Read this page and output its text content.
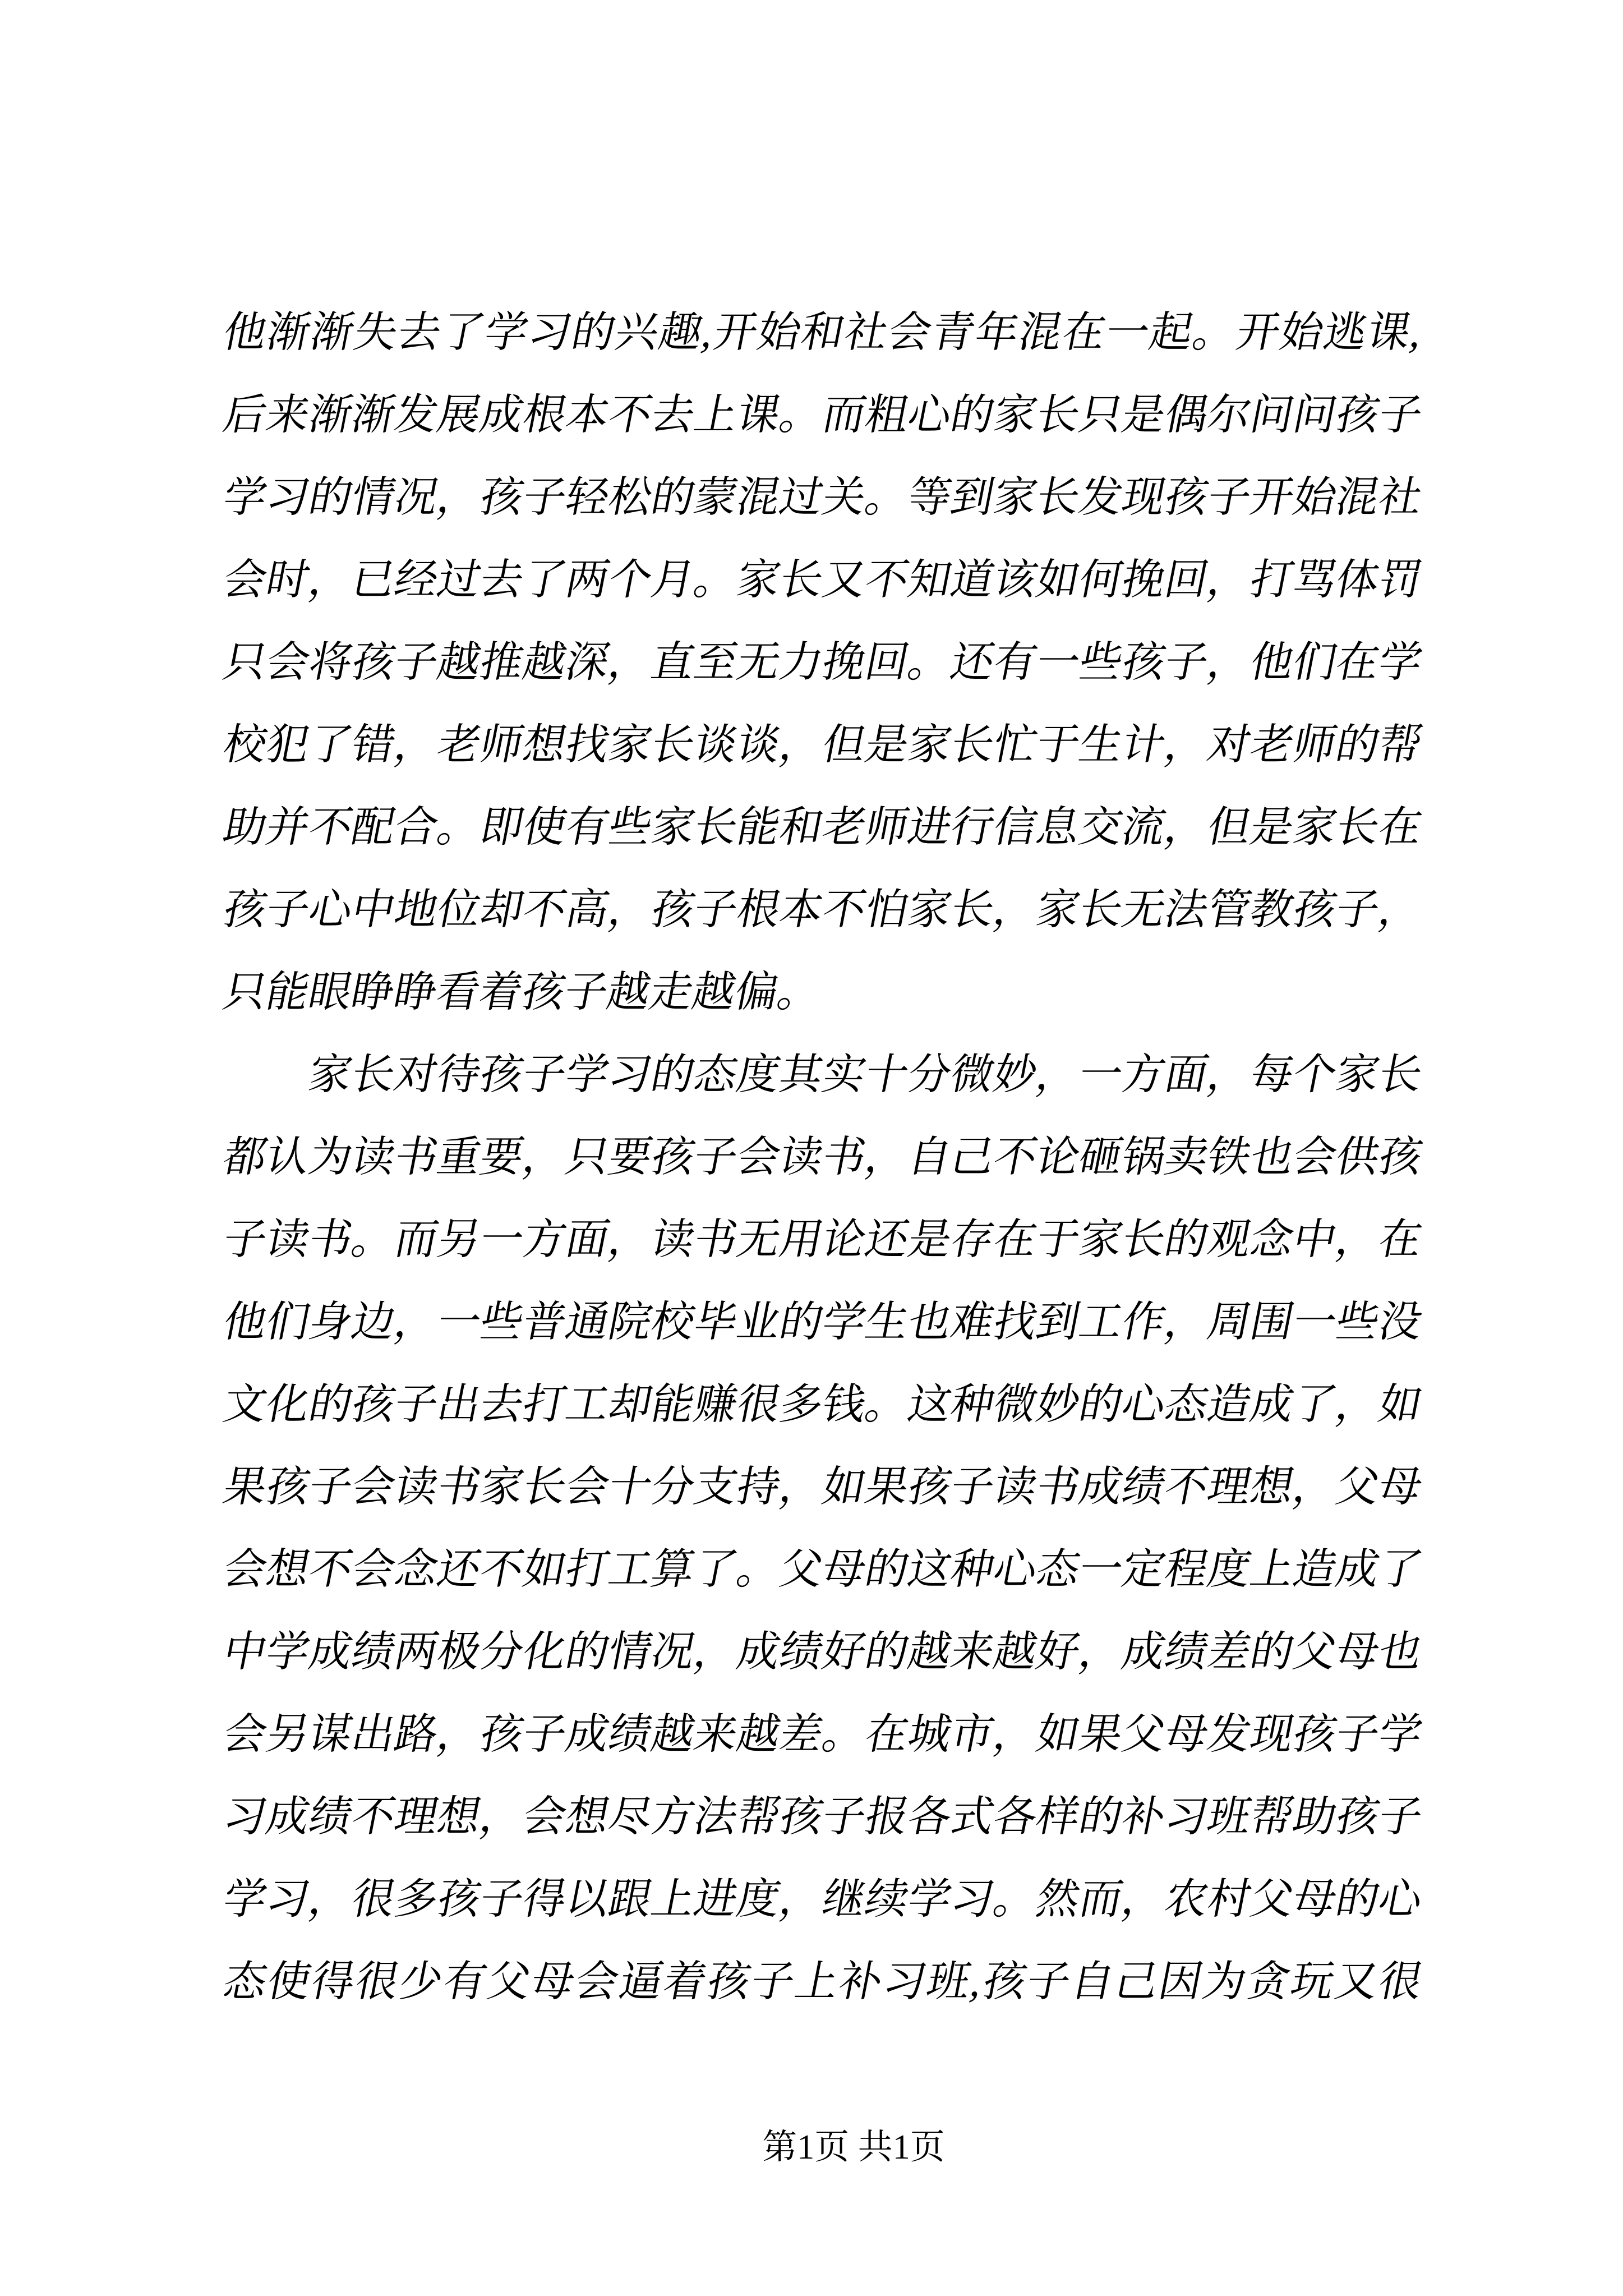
他渐渐失去了学习的兴趣,开始和社会青年混在一起。开始逃课,
后来渐渐发展成根本不去上课。而粗心的家长只是偶尔问问孩子
学习的情况，孩子轻松的蒙混过关。等到家长发现孩子开始混社
会时，已经过去了两个月。家长又不知道该如何挽回，打骂体罚
只会将孩子越推越深，直至无力挽回。还有一些孩子，他们在学
校犯了错，老师想找家长谈谈，但是家长忙于生计，对老师的帮
助并不配合。即使有些家长能和老师进行信息交流，但是家长在
孩子心中地位却不高，孩子根本不怕家长，家长无法管教孩子，
只能眼睁睁看着孩子越走越偏。
家长对待孩子学习的态度其实十分微妙，一方面，每个家长
都认为读书重要，只要孩子会读书，自己不论砸锅卖铁也会供孩
子读书。而另一方面，读书无用论还是存在于家长的观念中，在
他们身边，一些普通院校毕业的学生也难找到工作，周围一些没
文化的孩子出去打工却能赚很多钱。这种微妙的心态造成了，如
果孩子会读书家长会十分支持，如果孩子读书成绩不理想，父母
会想不会念还不如打工算了。父母的这种心态一定程度上造成了
中学成绩两极分化的情况，成绩好的越来越好，成绩差的父母也
会另谋出路，孩子成绩越来越差。在城市，如果父母发现孩子学
习成绩不理想，会想尽方法帮孩子报各式各样的补习班帮助孩子
学习，很多孩子得以跟上进度，继续学习。然而，农村父母的心
态使得很少有父母会逼着孩子上补习班,孩子自己因为贪玩又很
第1页 共1页
